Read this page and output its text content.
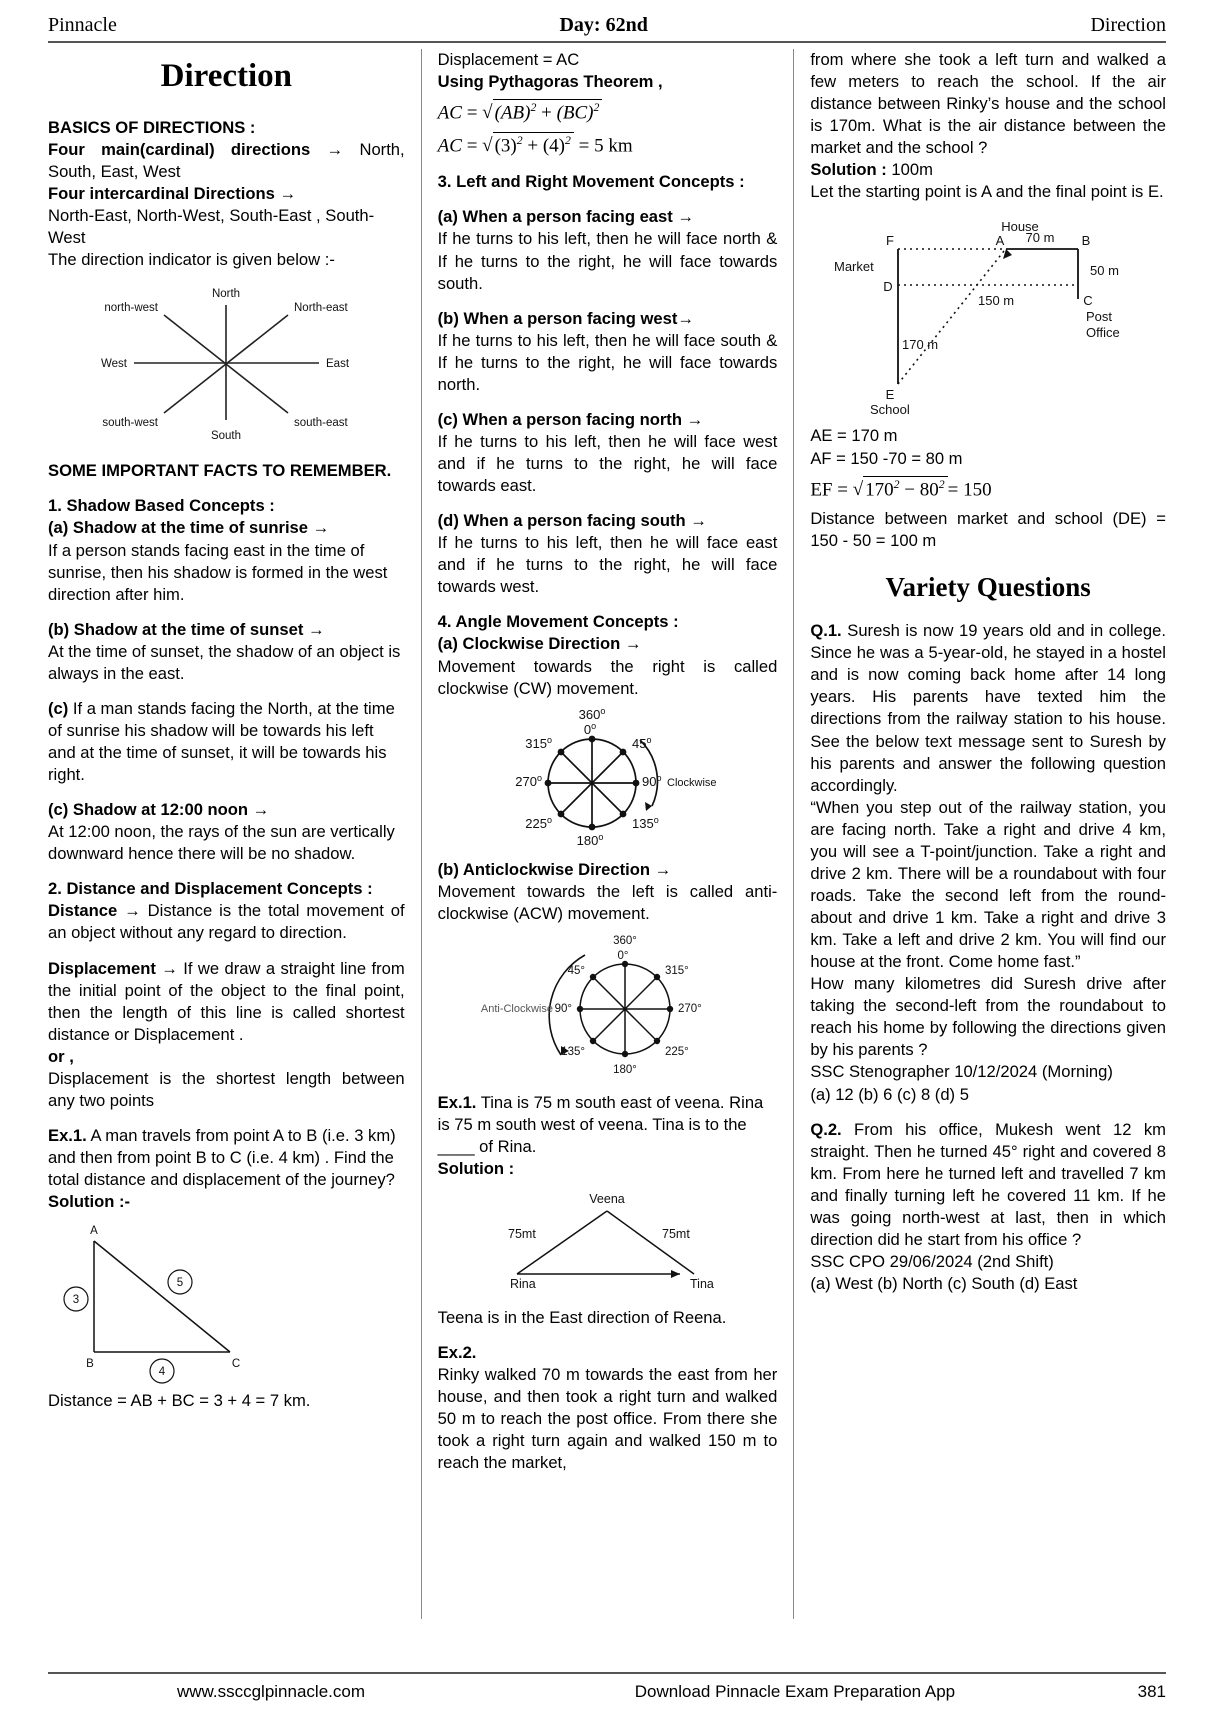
Pinnacle	Day: 62nd	Direction
Direction

BASICS OF DIRECTIONS :

Four main(cardinal) directions → North, South, East, West

Four intercardinal Directions →

North-East, North-West, South-East , South-West

The direction indicator is given below :-

North
South
East
West
North-east
north-west
south-east
south-west

SOME IMPORTANT FACTS TO REMEMBER.

1. Shadow Based Concepts :

(a) Shadow at the time of sunrise →

If a person stands facing east in the time of sunrise, then his shadow is formed in the west direction after him.

(b) Shadow at the time of sunset →

At the time of sunset, the shadow of an object is always in the east.

(c) If a man stands facing the North, at the time of sunrise his shadow will be towards his left and at the time of sunset, it will be towards his right.

(c) Shadow at 12:00 noon →

At 12:00 noon, the rays of the sun are vertically downward hence there will be no shadow.

2. Distance and Displacement Concepts :

Distance → Distance is the total movement of an object without any regard to direction.

Displacement → If we draw a straight line from the initial point of the object to the final point, then the length of this line is called shortest distance or Displacement .

or ,

Displacement is the shortest length between any two points

Ex.1. A man travels from point A to B (i.e. 3 km) and then from point B to C (i.e. 4 km) . Find the total distance and displacement of the journey?

Solution :-

A
B	C
3
4
5

Distance = AB + BC = 3 + 4 = 7 km.

Displacement = AC

Using Pythagoras Theorem ,

AC = √ (AB)$^2$ + (BC)$^2$
AC = √ $(3)^2 + (4)^2 = 5$ km

3. Left and Right Movement Concepts :

(a) When a person facing east →

If he turns to his left, then he will face north & If he turns to the right, he will face towards south.

(b) When a person facing west→

If he turns to his left, then he will face south & If he turns to the right, he will face towards north.

(c) When a person facing north →

If he turns to his left, then he will face west and if he turns to the right, he will face towards east.

(d) When a person facing south →

If he turns to his left, then he will face east and if he turns to the right, he will face towards west.

4. Angle Movement Concepts :

(a) Clockwise Direction →

Movement towards the right is called clockwise (CW) movement.

360$^o$
0$^o$
45$^o$
90$^o$
135$^o$
180$^o$
225$^o$
270$^o$
315$^o$
Clockwise

(b) Anticlockwise Direction →

Movement towards the left is called anti-clockwise (ACW) movement.

360°
0°
45°
90°
135°
180°
225°
270°
315°
Anti-Clockwise

Ex.1. Tina is 75 m south east of veena. Rina is 75 m south west of veena. Tina is to the ____ of Rina.

Solution :

Veena
Rina	Tina
75mt	75mt

Teena is in the East direction of Reena.

Ex.2.

Rinky walked 70 m towards the east from her house, and then took a right turn and walked 50 m to reach the post office. From there she took a right turn again and walked 150 m to reach the market,

from where she took a left turn and walked a few meters to reach the school. If the air distance between Rinky’s house and the school is 170m. What is the air distance between the market and the school ?

Solution : 100m

Let the starting point is A and the final point is E.

House
A	B
C
F
D
E
Market
School
Post
Office
70 m
50 m
150 m
170 m

AE = 170 m

AF = 150 -70 = 80 m

EF = √ $170^2 - 80^2 = 150$

Distance between market and school (DE) = 150 - 50 = 100 m

Variety Questions

Q.1. Suresh is now 19 years old and in college. Since he was a 5-year-old, he stayed in a hostel and is now coming back home after 14 long years. His parents have texted him the directions from the railway station to his house. See the below text message sent to Suresh by his parents and answer the following question accordingly.

“When you step out of the railway station, you are facing north. Take a right and drive 4 km, you will see a T-point/junction. Take a right and drive 2 km. There will be a roundabout with four roads. Take the second left from the round-about and drive 1 km. Take a right and drive 3 km. Take a left and drive 2 km. You will find our house at the front. Come home fast.”

How many kilometres did Suresh drive after taking the second-left from the roundabout to reach his home by following the directions given by his parents ?

SSC Stenographer 10/12/2024 (Morning)

(a) 12 (b) 6 (c) 8 (d) 5

Q.2. From his office, Mukesh went 12 km straight. Then he turned 45° right and covered 8 km. From here he turned left and travelled 7 km and finally turning left he covered 11 km. If he was going north-west at last, then in which direction did he start from his office ?

SSC CPO 29/06/2024 (2nd Shift)

(a) West (b) North (c) South (d) East

www.ssccglpinnacle.com	Download Pinnacle Exam Preparation App	381
